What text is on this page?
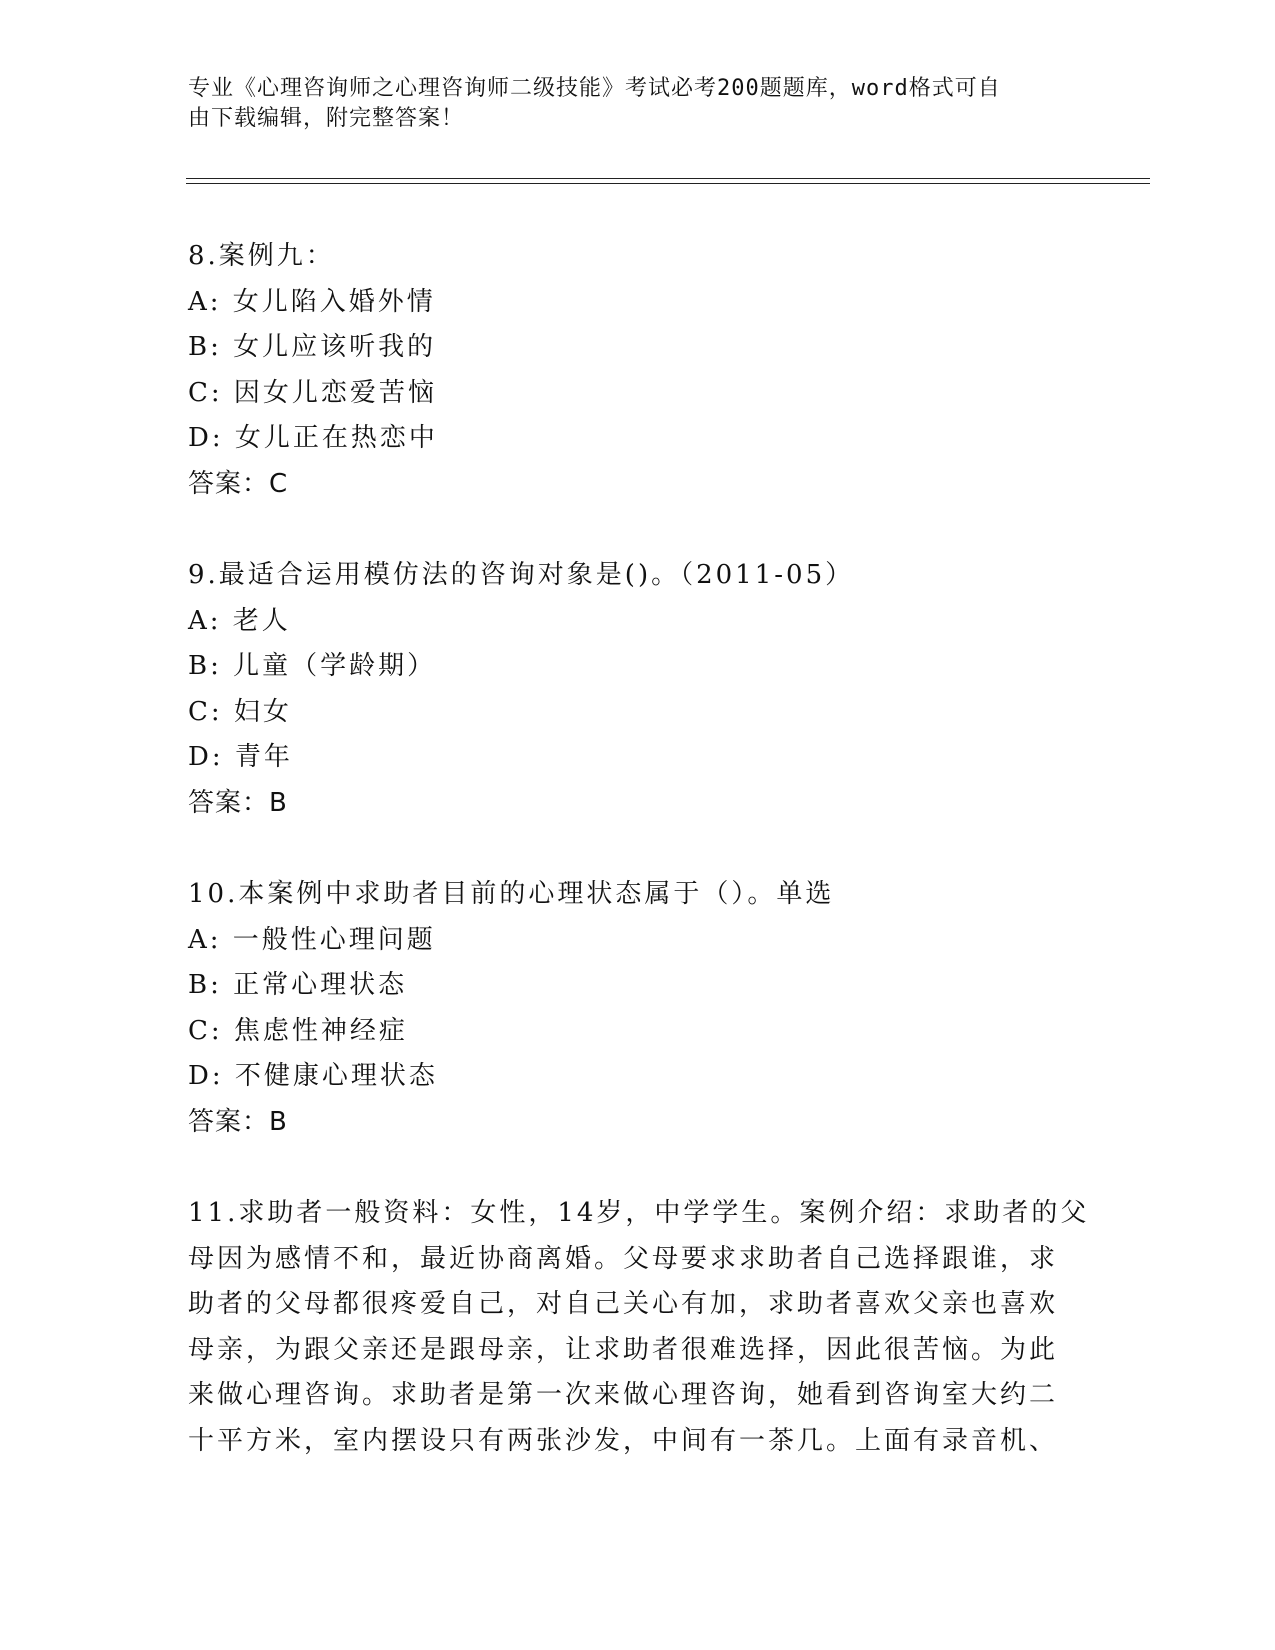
专业《心理咨询师之心理咨询师二级技能》考试必考200题题库，word格式可自
由下载编辑，附完整答案！
8.案例九：
A: 女儿陷入婚外情
B: 女儿应该听我的
C: 因女儿恋爱苦恼
D: 女儿正在热恋中
答案：C
9.最适合运用模仿法的咨询对象是()。（2011-05）
A: 老人
B: 儿童（学龄期）
C: 妇女
D: 青年
答案：B
10.本案例中求助者目前的心理状态属于（）。单选
A: 一般性心理问题
B: 正常心理状态
C: 焦虑性神经症
D: 不健康心理状态
答案：B
11.求助者一般资料：女性，14岁，中学学生。案例介绍：求助者的父
母因为感情不和，最近协商离婚。父母要求求助者自己选择跟谁，求
助者的父母都很疼爱自己，对自己关心有加，求助者喜欢父亲也喜欢
母亲，为跟父亲还是跟母亲，让求助者很难选择，因此很苦恼。为此
来做心理咨询。求助者是第一次来做心理咨询，她看到咨询室大约二
十平方米，室内摆设只有两张沙发，中间有一茶几。上面有录音机、
